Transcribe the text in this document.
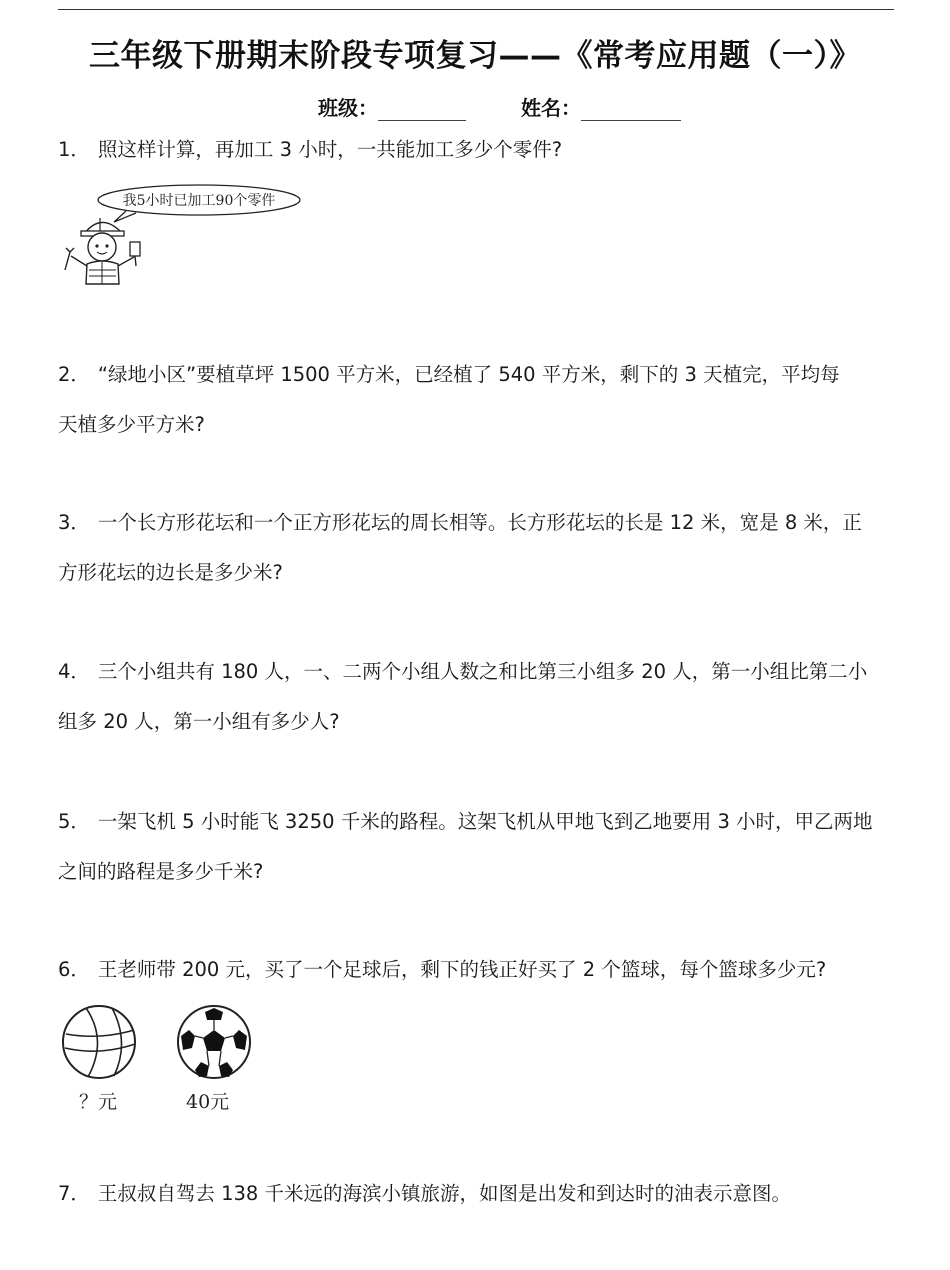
三年级下册期末阶段专项复习——《常考应用题（一）》
班级：	姓名：
1． 照这样计算，再加工 3 小时，一共能加工多少个零件?
我5小时已加工90个零件
2． “绿地小区”要植草坪 1500 平方米，已经植了 540 平方米，剩下的 3 天植完，平均每
天植多少平方米?
3． 一个长方形花坛和一个正方形花坛的周长相等。长方形花坛的长是 12 米，宽是 8 米，正
方形花坛的边长是多少米?
4． 三个小组共有 180 人，一、二两个小组人数之和比第三小组多 20 人，第一小组比第二小
组多 20 人，第一小组有多少人?
5． 一架飞机 5 小时能飞 3250 千米的路程。这架飞机从甲地飞到乙地要用 3 小时，甲乙两地
之间的路程是多少千米?
6． 王老师带 200 元，买了一个足球后，剩下的钱正好买了 2 个篮球，每个篮球多少元?
？元	40元
7． 王叔叔自驾去 138 千米远的海滨小镇旅游，如图是出发和到达时的油表示意图。
